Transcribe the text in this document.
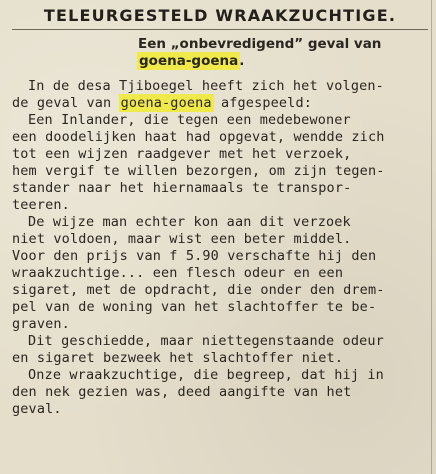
TELEURGESTELD WRAAKZUCHTIGE.
Een „onbevredigend” geval van
goena-goena.
In de desa Tjiboegel heeft zich het volgen-
de geval van goena-goena afgespeeld:
Een Inlander, die tegen een medebewoner
een doodelijken haat had opgevat, wendde zich
tot een wijzen raadgever met het verzoek,
hem vergif te willen bezorgen, om zijn tegen-
stander naar het hiernamaals te transpor-
teeren.
De wijze man echter kon aan dit verzoek
niet voldoen, maar wist een beter middel.
Voor den prijs van f 5.90 verschafte hij den
wraakzuchtige... een flesch odeur en een
sigaret, met de opdracht, die onder den drem-
pel van de woning van het slachtoffer te be-
graven.
Dit geschiedde, maar niettegenstaande odeur
en sigaret bezweek het slachtoffer niet.
Onze wraakzuchtige, die begreep, dat hij in
den nek gezien was, deed aangifte van het
geval.
